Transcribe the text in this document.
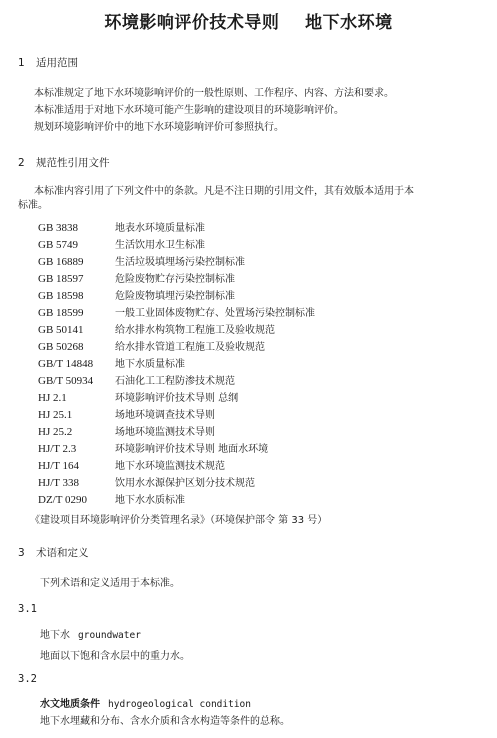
环境影响评价技术导则    地下水环境
1 适用范围
本标准规定了地下水环境影响评价的一般性原则、工作程序、内容、方法和要求。
本标准适用于对地下水环境可能产生影响的建设项目的环境影响评价。
规划环境影响评价中的地下水环境影响评价可参照执行。
2 规范性引用文件
本标准内容引用了下列文件中的条款。凡是不注日期的引用文件，其有效版本适用于本
标准。
GB 3838	地表水环境质量标准
GB 5749	生活饮用水卫生标准
GB 16889	生活垃圾填埋场污染控制标准
GB 18597	危险废物贮存污染控制标准
GB 18598	危险废物填埋污染控制标准
GB 18599	一般工业固体废物贮存、处置场污染控制标准
GB 50141	给水排水构筑物工程施工及验收规范
GB 50268	给水排水管道工程施工及验收规范
GB/T 14848 地下水质量标准
GB/T 50934 石油化工工程防渗技术规范
HJ 2.1	环境影响评价技术导则 总纲
HJ 25.1	场地环境调查技术导则
HJ 25.2	场地环境监测技术导则
HJ/T 2.3	环境影响评价技术导则 地面水环境
HJ/T 164	地下水环境监测技术规范
HJ/T 338	饮用水水源保护区划分技术规范
DZ/T 0290	地下水水质标准
《建设项目环境影响评价分类管理名录》（环境保护部令 第 33 号）
3 术语和定义
下列术语和定义适用于本标准。
3.1
地下水 groundwater
地面以下饱和含水层中的重力水。
3.2
水文地质条件 hydrogeological condition
地下水埋藏和分布、含水介质和含水构造等条件的总称。
